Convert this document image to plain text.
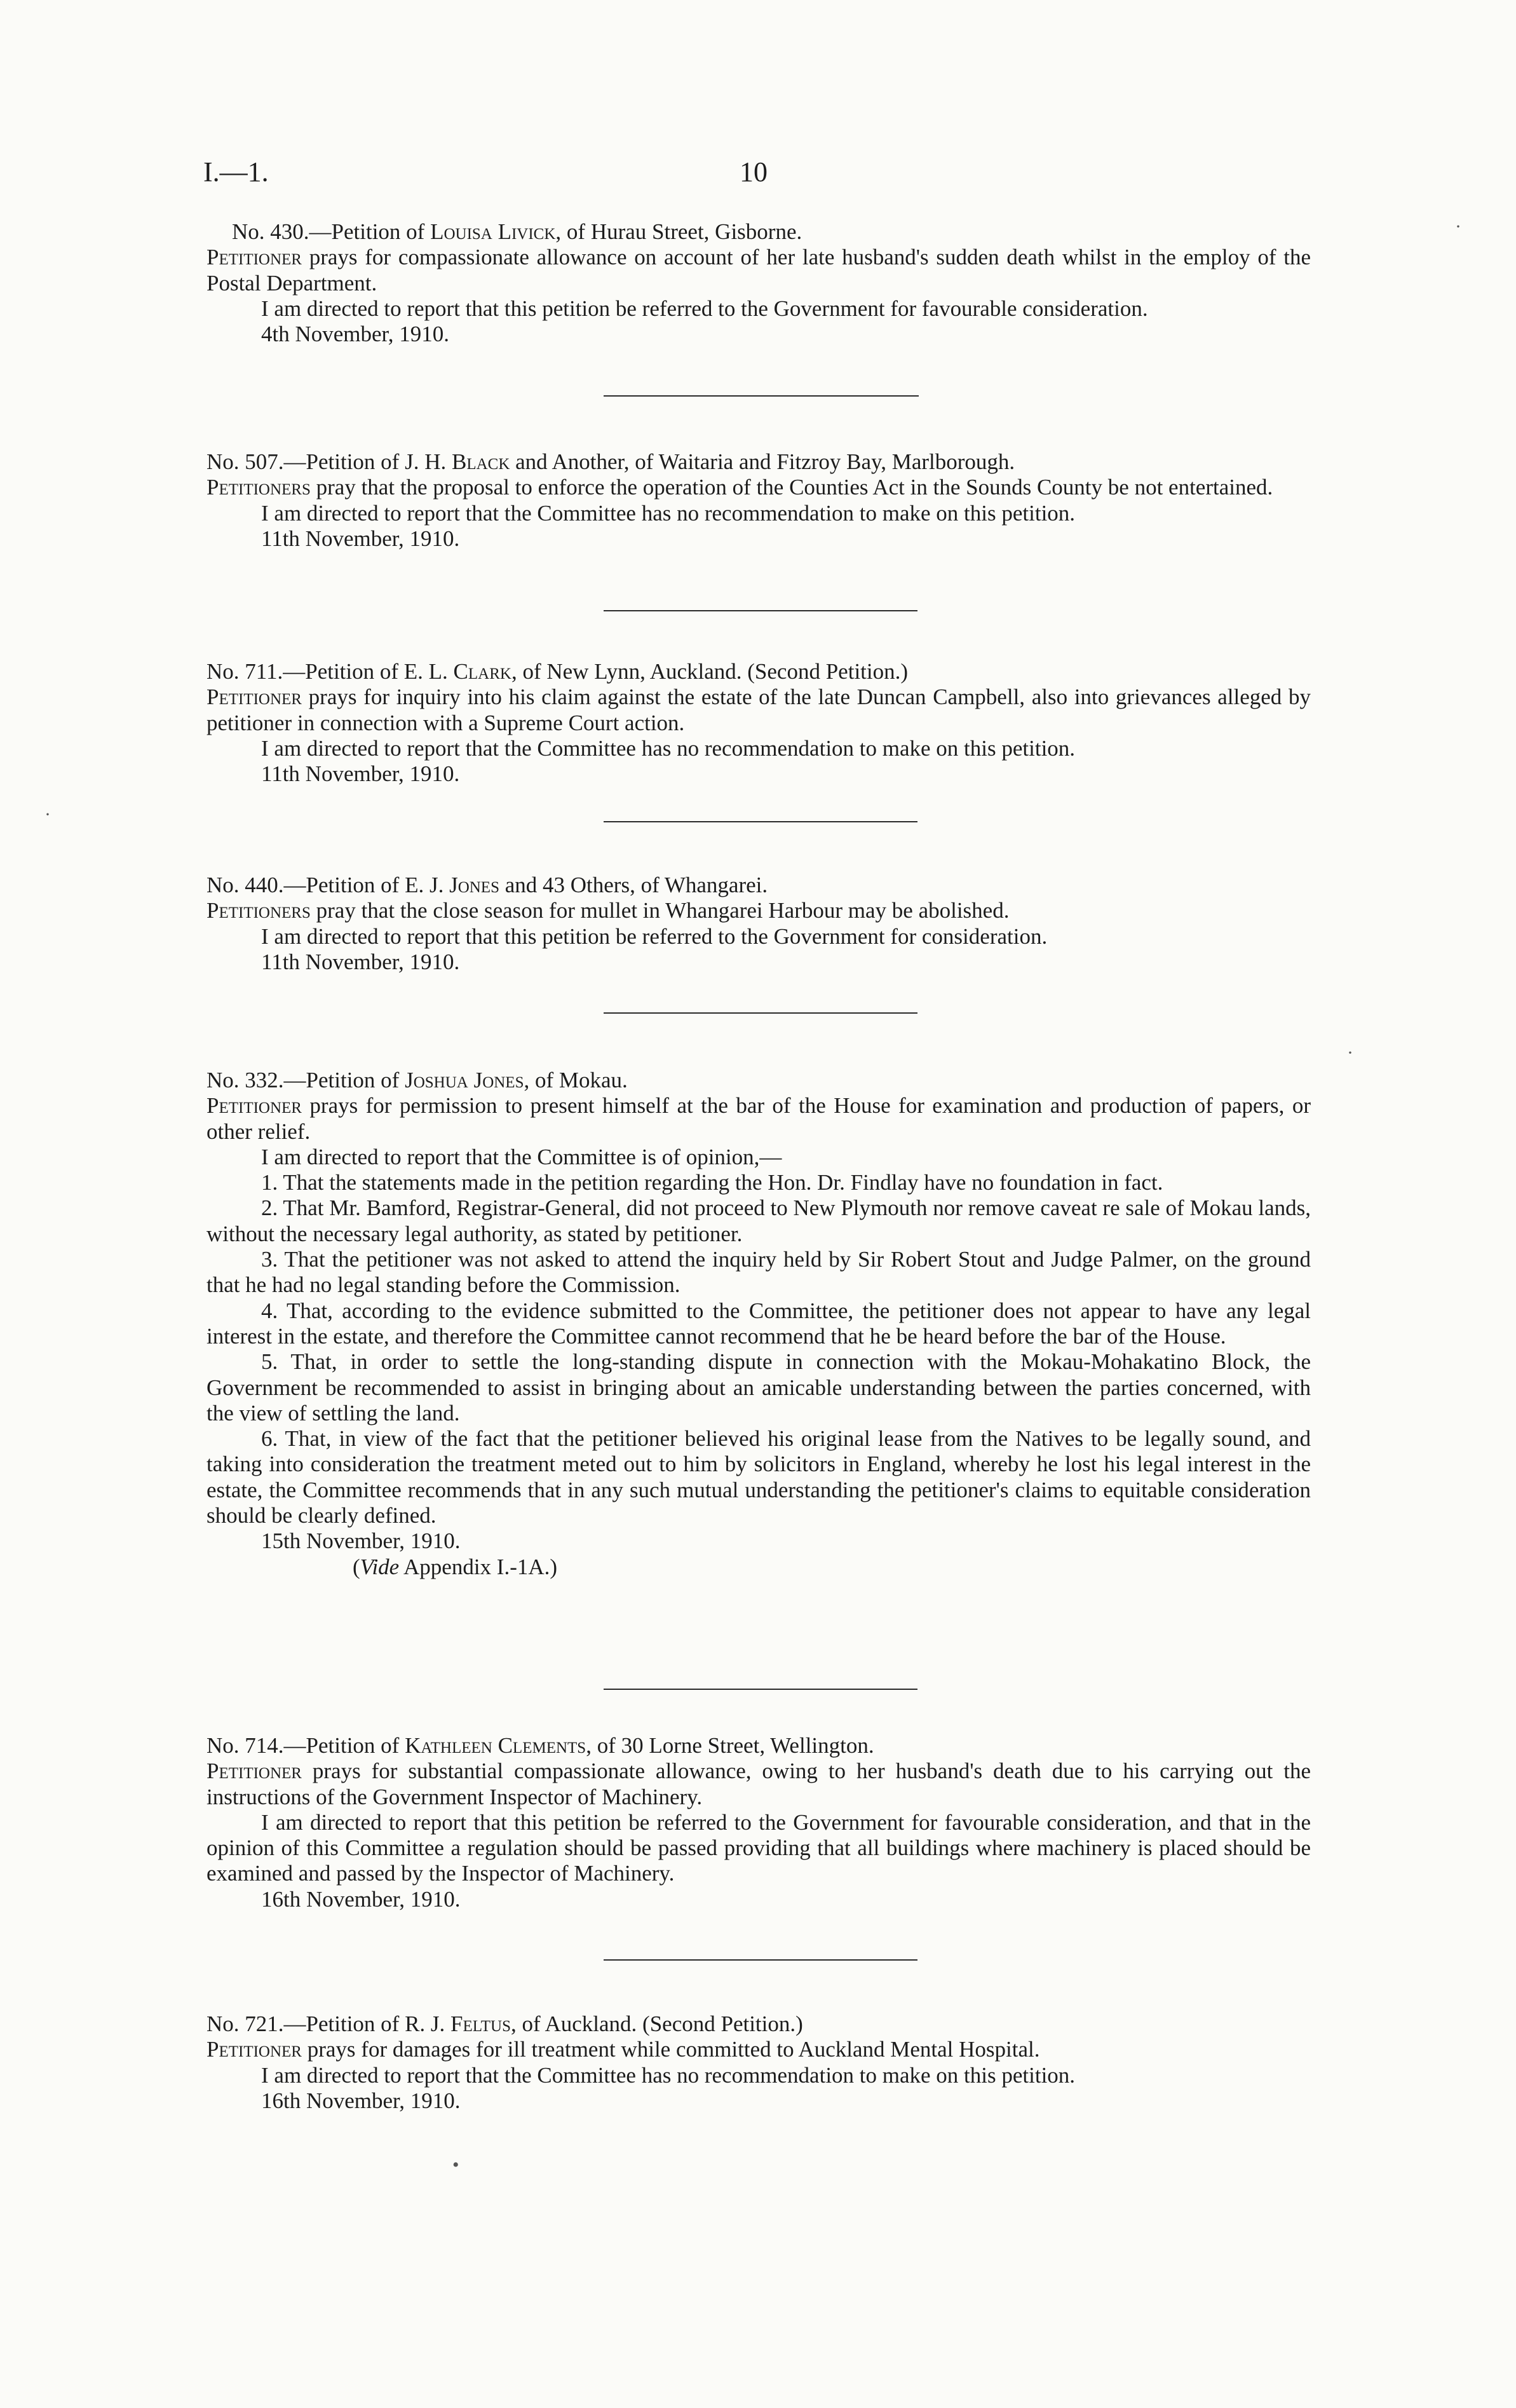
I.—1.	10

No. 430.—Petition of Louisa Livick, of Hurau Street, Gisborne.

Petitioner prays for compassionate allowance on account of her late husband's sudden death whilst in the employ of the Postal Department.

I am directed to report that this petition be referred to the Government for favourable consideration.

4th November, 1910.

No. 507.—Petition of J. H. Black and Another, of Waitaria and Fitzroy Bay, Marlborough.

Petitioners pray that the proposal to enforce the operation of the Counties Act in the Sounds County be not entertained.

I am directed to report that the Committee has no recommendation to make on this petition.

11th November, 1910.

No. 711.—Petition of E. L. Clark, of New Lynn, Auckland. (Second Petition.)

Petitioner prays for inquiry into his claim against the estate of the late Duncan Campbell, also into grievances alleged by petitioner in connection with a Supreme Court action.

I am directed to report that the Committee has no recommendation to make on this petition.

11th November, 1910.

No. 440.—Petition of E. J. Jones and 43 Others, of Whangarei.

Petitioners pray that the close season for mullet in Whangarei Harbour may be abolished.

I am directed to report that this petition be referred to the Government for consideration.

11th November, 1910.

No. 332.—Petition of Joshua Jones, of Mokau.

Petitioner prays for permission to present himself at the bar of the House for examination and production of papers, or other relief.

I am directed to report that the Committee is of opinion,—

1. That the statements made in the petition regarding the Hon. Dr. Findlay have no foundation in fact.

2. That Mr. Bamford, Registrar-General, did not proceed to New Plymouth nor remove caveat re sale of Mokau lands, without the necessary legal authority, as stated by petitioner.

3. That the petitioner was not asked to attend the inquiry held by Sir Robert Stout and Judge Palmer, on the ground that he had no legal standing before the Commission.

4. That, according to the evidence submitted to the Committee, the petitioner does not appear to have any legal interest in the estate, and therefore the Committee cannot recommend that he be heard before the bar of the House.

5. That, in order to settle the long-standing dispute in connection with the Mokau-Mohakatino Block, the Government be recommended to assist in bringing about an amicable understanding between the parties concerned, with the view of settling the land.

6. That, in view of the fact that the petitioner believed his original lease from the Natives to be legally sound, and taking into consideration the treatment meted out to him by solicitors in England, whereby he lost his legal interest in the estate, the Committee recommends that in any such mutual understanding the petitioner's claims to equitable consideration should be clearly defined.

15th November, 1910.

(Vide Appendix I.-1A.)

No. 714.—Petition of Kathleen Clements, of 30 Lorne Street, Wellington.

Petitioner prays for substantial compassionate allowance, owing to her husband's death due to his carrying out the instructions of the Government Inspector of Machinery.

I am directed to report that this petition be referred to the Government for favourable consideration, and that in the opinion of this Committee a regulation should be passed providing that all buildings where machinery is placed should be examined and passed by the Inspector of Machinery.

16th November, 1910.

No. 721.—Petition of R. J. Feltus, of Auckland. (Second Petition.)

Petitioner prays for damages for ill treatment while committed to Auckland Mental Hospital.

I am directed to report that the Committee has no recommendation to make on this petition.

16th November, 1910.

·
·
·
•
